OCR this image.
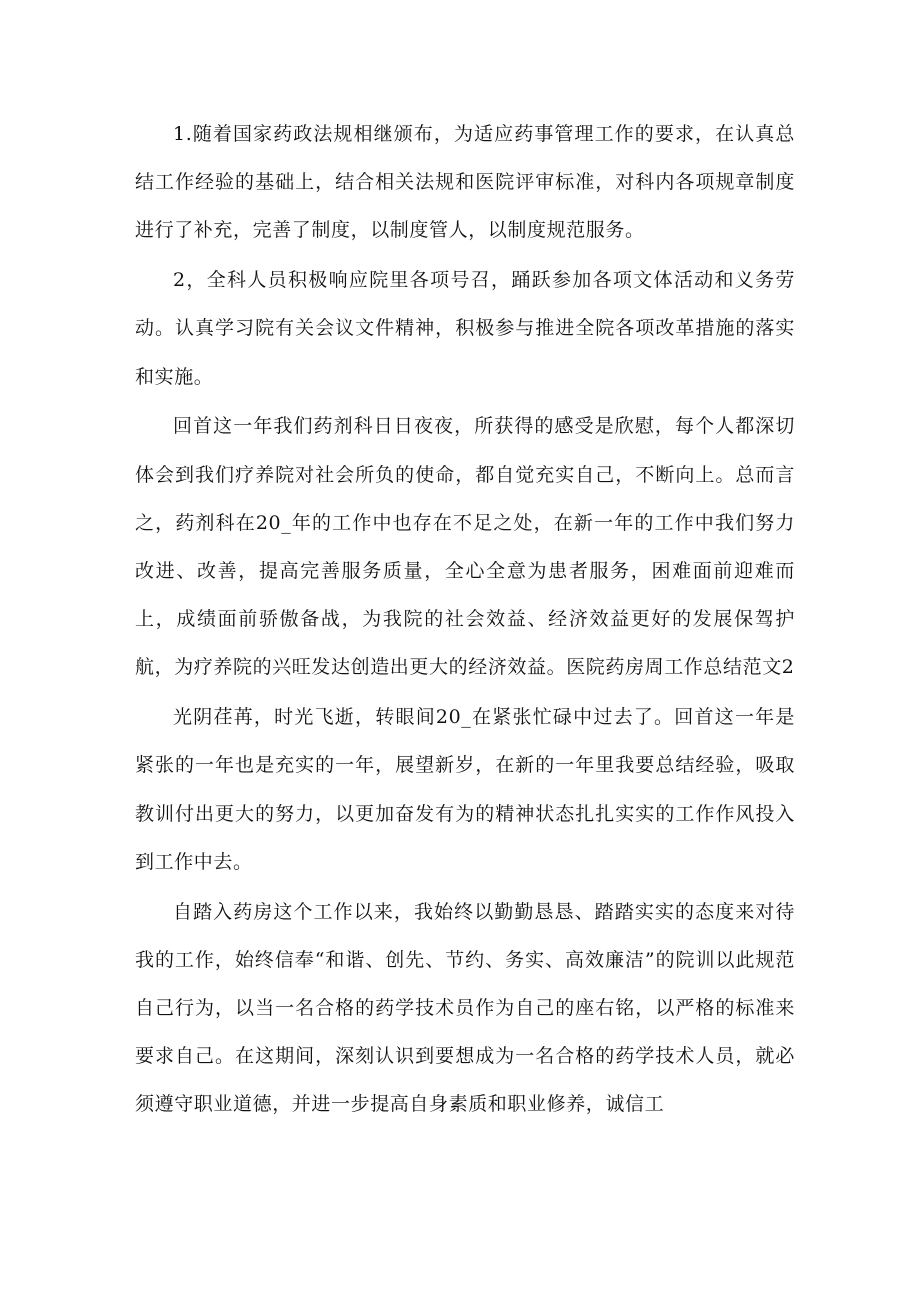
1.随着国家药政法规相继颁布，为适应药事管理工作的要求，在认真总结工作经验的基础上，结合相关法规和医院评审标准，对科内各项规章制度进行了补充，完善了制度，以制度管人，以制度规范服务。

2，全科人员积极响应院里各项号召，踊跃参加各项文体活动和义务劳动。认真学习院有关会议文件精神，积极参与推进全院各项改革措施的落实和实施。

回首这一年我们药剂科日日夜夜，所获得的感受是欣慰，每个人都深切体会到我们疗养院对社会所负的使命，都自觉充实自己，不断向上。总而言之，药剂科在20_年的工作中也存在不足之处，在新一年的工作中我们努力改进、改善，提高完善服务质量，全心全意为患者服务，困难面前迎难而上，成绩面前骄傲备战，为我院的社会效益、经济效益更好的发展保驾护航，为疗养院的兴旺发达创造出更大的经济效益。医院药房周工作总结范文2

光阴荏苒，时光飞逝，转眼间20_在紧张忙碌中过去了。回首这一年是紧张的一年也是充实的一年，展望新岁，在新的一年里我要总结经验，吸取教训付出更大的努力，以更加奋发有为的精神状态扎扎实实的工作作风投入到工作中去。

自踏入药房这个工作以来，我始终以勤勤恳恳、踏踏实实的态度来对待我的工作，始终信奉“和谐、创先、节约、务实、高效廉洁”的院训以此规范自己行为，以当一名合格的药学技术员作为自己的座右铭，以严格的标准来要求自己。在这期间，深刻认识到要想成为一名合格的药学技术人员，就必须遵守职业道德，并进一步提高自身素质和职业修养，诚信工
